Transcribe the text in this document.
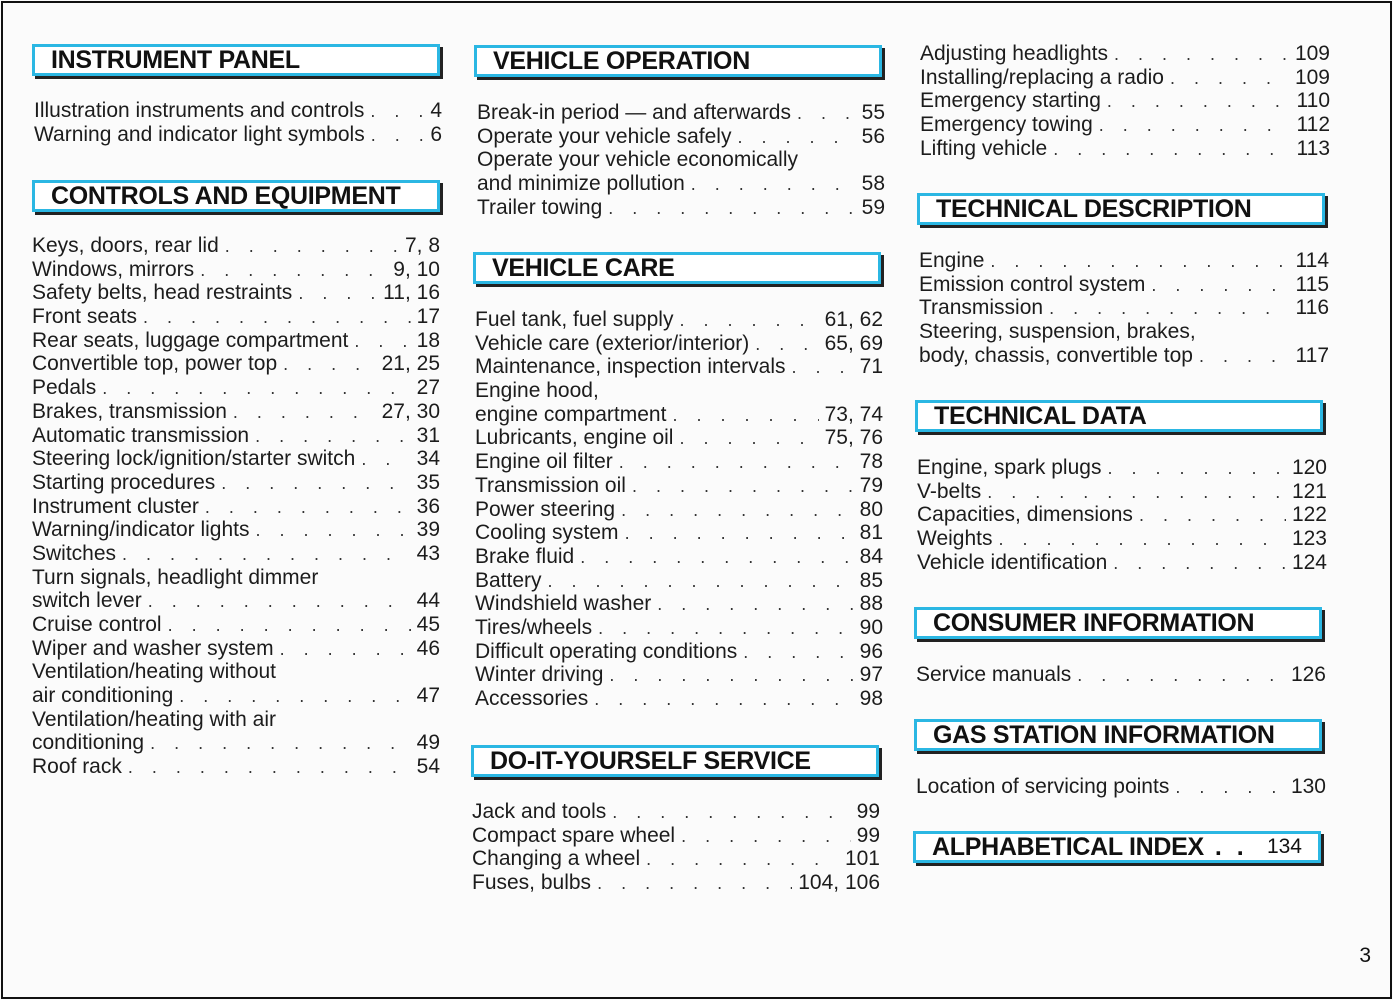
INSTRUMENT PANEL
Illustration instruments and controls . . .	4
Warning and indicator light symbols . . .	6
CONTROLS AND EQUIPMENT
Keys, doors, rear lid . . .	7, 8
Windows, mirrors . . .	9, 10
Safety belts, head restraints . . .	11, 16
Front seats . . .	17
Rear seats, luggage compartment . . .	18
Convertible top, power top . . .	21, 25
Pedals . . .	27
Brakes, transmission . . .	27, 30
Automatic transmission . . .	31
Steering lock/ignition/starter switch . . .	34
Starting procedures . . .	35
Instrument cluster . . .	36
Warning/indicator lights . . .	39
Switches . . .	43
Turn signals, headlight dimmer
switch lever . . .	44
Cruise control . . .	45
Wiper and washer system . . .	46
Ventilation/heating without
air conditioning . . .	47
Ventilation/heating with air
conditioning . . .	49
Roof rack . . .	54
VEHICLE OPERATION
Break-in period — and afterwards . . .	55
Operate your vehicle safely . . .	56
Operate your vehicle economically
and minimize pollution . . .	58
Trailer towing . . .	59
VEHICLE CARE
Fuel tank, fuel supply . . .	61, 62
Vehicle care (exterior/interior) . . .	65, 69
Maintenance, inspection intervals . . .	71
Engine hood,
engine compartment . . .	73, 74
Lubricants, engine oil . . .	75, 76
Engine oil filter . . .	78
Transmission oil . . .	79
Power steering . . .	80
Cooling system . . .	81
Brake fluid . . .	84
Battery . . .	85
Windshield washer . . .	88
Tires/wheels . . .	90
Difficult operating conditions . . .	96
Winter driving . . .	97
Accessories . . .	98
DO-IT-YOURSELF SERVICE
Jack and tools . . .	99
Compact spare wheel . . .	99
Changing a wheel . . .	101
Fuses, bulbs . . .	104, 106
Adjusting headlights . . .	109
Installing/replacing a radio . . .	109
Emergency starting . . .	110
Emergency towing . . .	112
Lifting vehicle . . .	113
TECHNICAL DESCRIPTION
Engine . . .	114
Emission control system . . .	115
Transmission . . .	116
Steering, suspension, brakes,
body, chassis, convertible top . . .	117
TECHNICAL DATA
Engine, spark plugs . . .	120
V-belts . . .	121
Capacities, dimensions . . .	122
Weights . . .	123
Vehicle identification . . .	124
CONSUMER INFORMATION
Service manuals . . .	126
GAS STATION INFORMATION
Location of servicing points . . .	130
ALPHABETICAL INDEX . . 134
3
